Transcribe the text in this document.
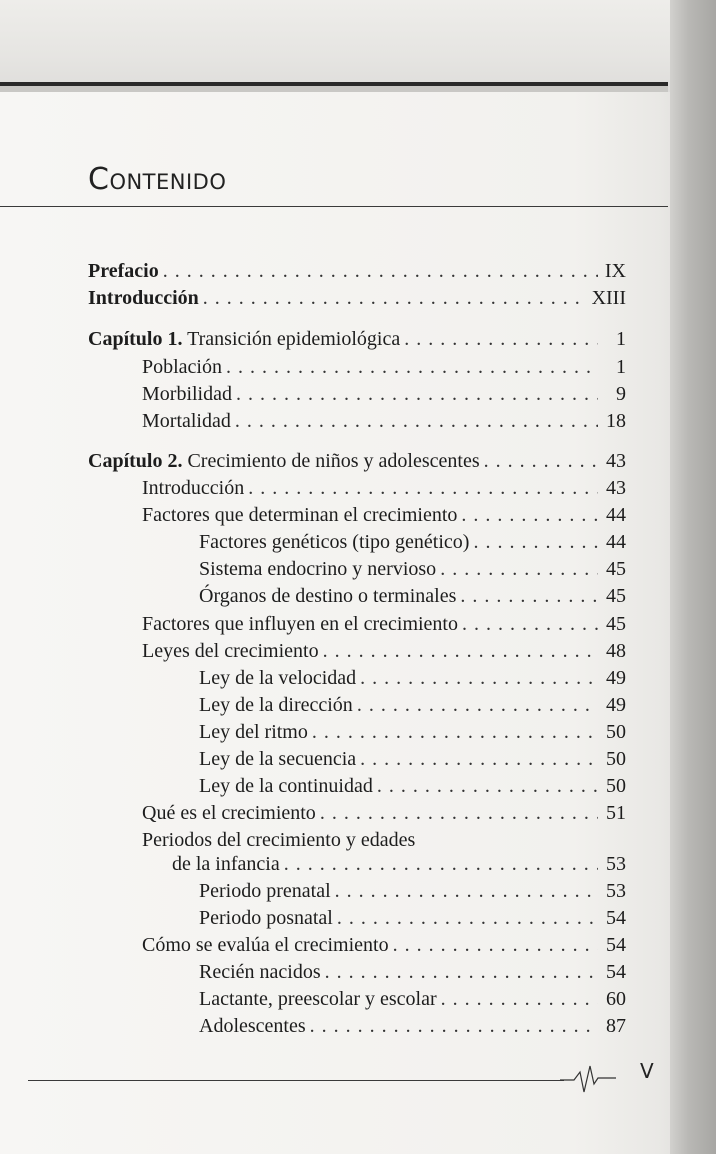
Contenido
Prefacio . . .	IX
Introducción . . .	XIII
Capítulo 1. Transición epidemiológica . . .	1
Población . . .	1
Morbilidad . . .	9
Mortalidad . . .	18
Capítulo 2. Crecimiento de niños y adolescentes . . .	43
Introducción . . .	43
Factores que determinan el crecimiento . . .	44
Factores genéticos (tipo genético) . . .	44
Sistema endocrino y nervioso . . .	45
Órganos de destino o terminales . . .	45
Factores que influyen en el crecimiento . . .	45
Leyes del crecimiento . . .	48
Ley de la velocidad . . .	49
Ley de la dirección . . .	49
Ley del ritmo . . .	50
Ley de la secuencia . . .	50
Ley de la continuidad . . .	50
Qué es el crecimiento . . .	51
Periodos del crecimiento y edades
de la infancia . . .	53
Periodo prenatal . . .	53
Periodo posnatal . . .	54
Cómo se evalúa el crecimiento . . .	54
Recién nacidos . . .	54
Lactante, preescolar y escolar . . .	60
Adolescentes . . .	87
V
